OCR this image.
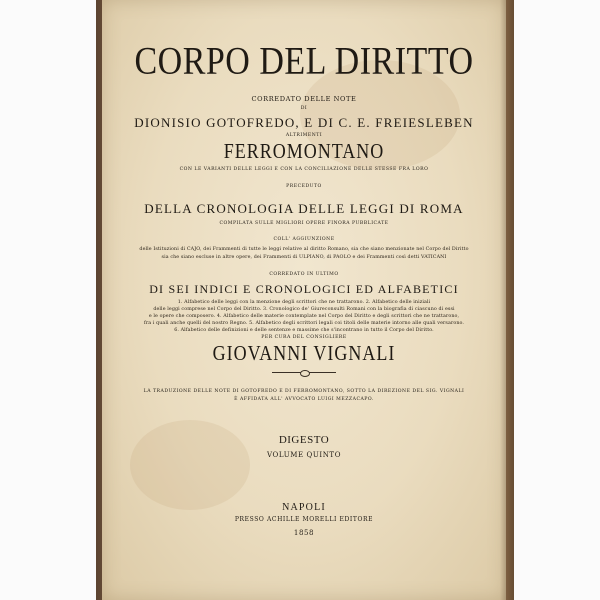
CORPO DEL DIRITTO
CORREDATO DELLE NOTE
DI
DIONISIO GOTOFREDO, E DI C. E. FREIESLEBEN
ALTRIMENTI
FERROMONTANO
CON LE VARIANTI DELLE LEGGI E CON LA CONCILIAZIONE DELLE STESSE FRA LORO
PRECEDUTO
DELLA CRONOLOGIA DELLE LEGGI DI ROMA
COMPILATA SULLE MIGLIORI OPERE FINORA PUBBLICATE
COLL' AGGIUNZIONE
delle Istituzioni di CAJO, dei Frammenti di tutte le leggi relative al diritto Romano, sia che siano menzionate nel Corpo del Diritto
sia che siano escluse in altre opere, dei Frammenti di ULPIANO, di PAOLO e dei Frammenti così detti VATICANI
CORREDATO IN ULTIMO
DI SEI INDICI E CRONOLOGICI ED ALFABETICI
1. Alfabetico delle leggi con la menzione degli scrittori che ne trattarono. 2. Alfabetico delle iniziali
delle leggi comprese nel Corpo del Diritto. 3. Cronologico de' Giureconsulti Romani con la biografia di ciascuno di essi
e le opere che composero. 4. Alfabetico delle materie contemplate nel Corpo del Diritto e degli scrittori che ne trattarono,
fra i quali anche quelli del nostro Regno. 5. Alfabetico degli scrittori legali coi titoli delle materie intorno alle quali versarono.
6. Alfabetico delle definizioni e delle sentenze e massime che s'incontrano in tutto il Corpo del Diritto.
PER CURA DEL CONSIGLIERE
GIOVANNI VIGNALI
LA TRADUZIONE DELLE NOTE DI GOTOFREDO E DI FERROMONTANO, SOTTO LA DIREZIONE DEL SIG. VIGNALI
È AFFIDATA ALL' AVVOCATO LUIGI MEZZACAPO.
DIGESTO
VOLUME QUINTO
NAPOLI
PRESSO ACHILLE MORELLI EDITORE
1858
